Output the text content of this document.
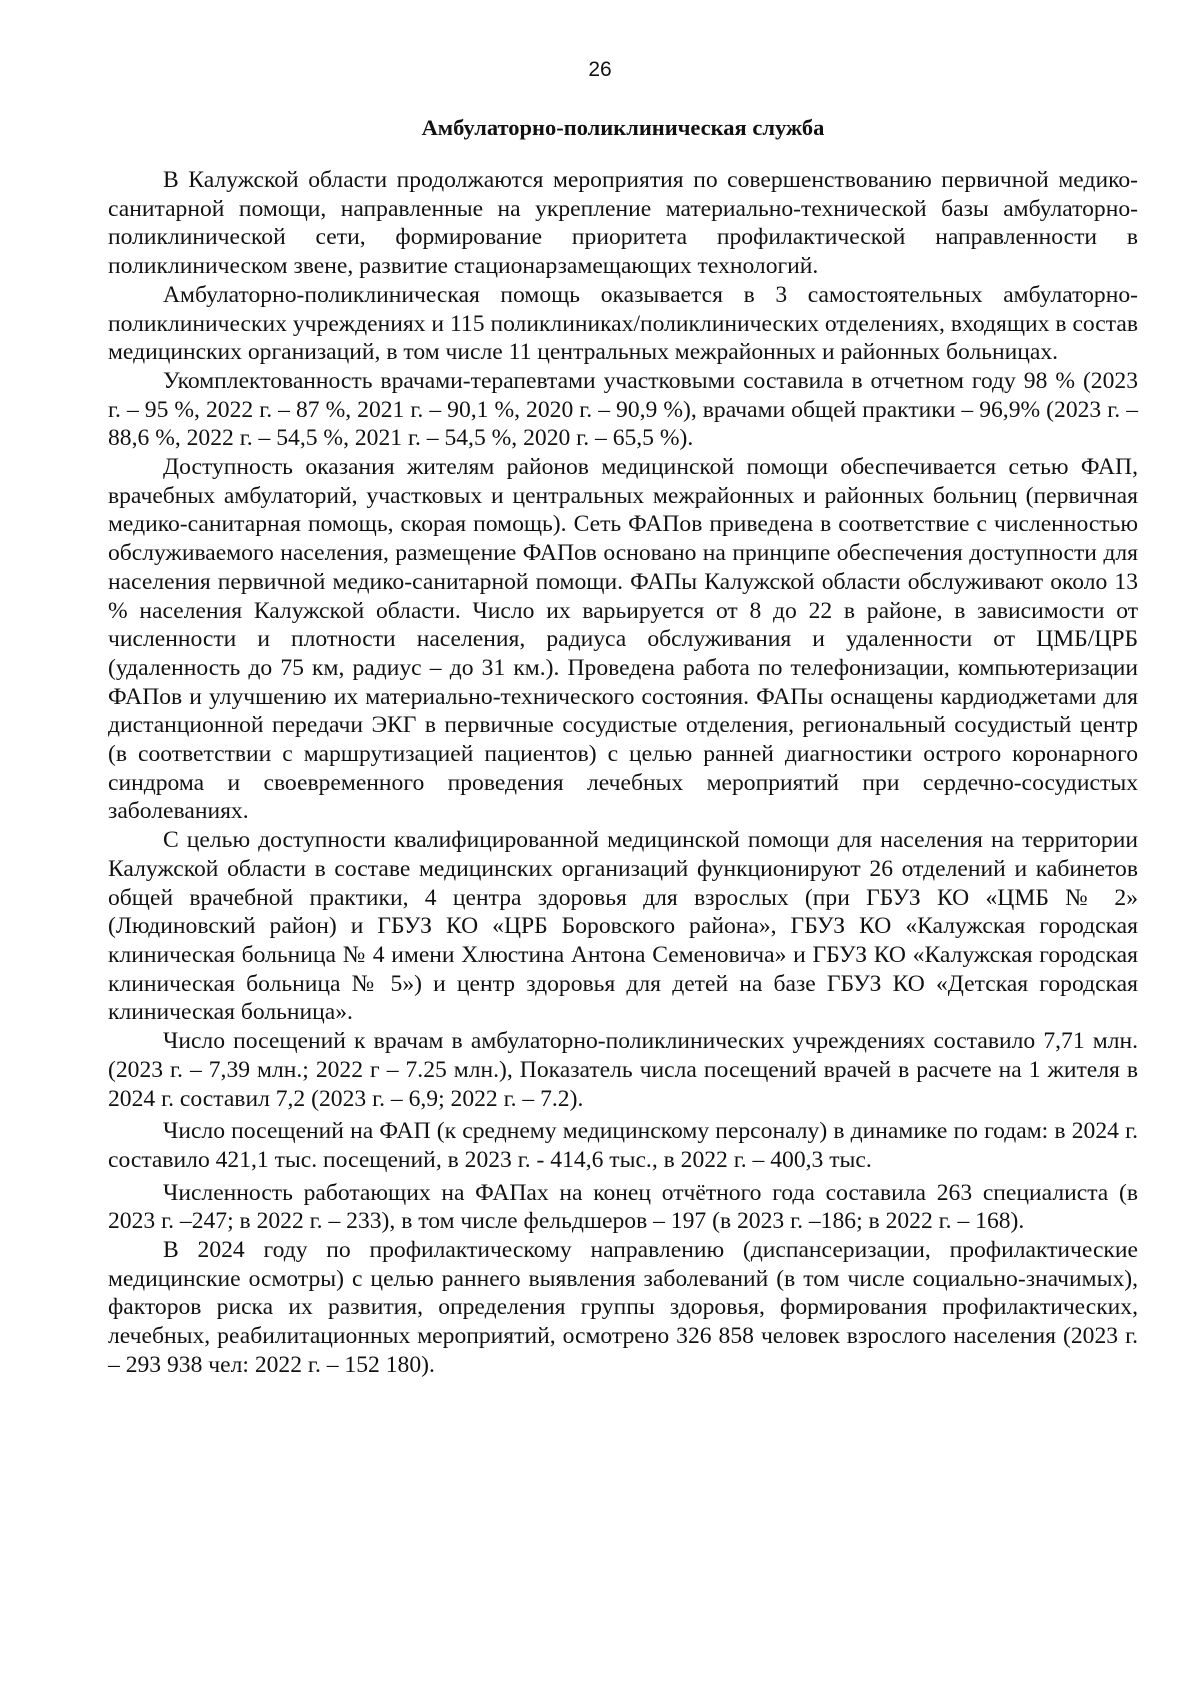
26
Амбулаторно-поликлиническая служба

В Калужской области продолжаются мероприятия по совершенствованию первичной медико-санитарной помощи, направленные на укрепление материально-технической базы амбулаторно-поликлинической сети, формирование приоритета профилактической направленности в поликлиническом звене, развитие стационарзамещающих технологий.

Амбулаторно-поликлиническая помощь оказывается в 3 самостоятельных амбулаторно-поликлинических учреждениях и 115 поликлиниках/поликлинических отделениях, входящих в состав медицинских организаций, в том числе 11 центральных межрайонных и районных больницах.

Укомплектованность врачами-терапевтами участковыми составила в отчетном году 98 % (2023 г. – 95 %, 2022 г. – 87 %, 2021 г. – 90,1 %, 2020 г. – 90,9 %), врачами общей практики – 96,9% (2023 г. – 88,6 %, 2022 г. – 54,5 %, 2021 г. – 54,5 %, 2020 г. – 65,5 %).

Доступность оказания жителям районов медицинской помощи обеспечивается сетью ФАП, врачебных амбулаторий, участковых и центральных межрайонных и районных больниц (первичная медико-санитарная помощь, скорая помощь). Сеть ФАПов приведена в соответствие с численностью обслуживаемого населения, размещение ФАПов основано на принципе обеспечения доступности для населения первичной медико-санитарной помощи. ФАПы Калужской области обслуживают около 13 % населения Калужской области. Число их варьируется от 8 до 22 в районе, в зависимости от численности и плотности населения, радиуса обслуживания и удаленности от ЦМБ/ЦРБ (удаленность до 75 км, радиус – до 31 км.). Проведена работа по телефонизации, компьютеризации ФАПов и улучшению их материально-технического состояния. ФАПы оснащены кардиоджетами для дистанционной передачи ЭКГ в первичные сосудистые отделения, региональный сосудистый центр (в соответствии с маршрутизацией пациентов) с целью ранней диагностики острого коронарного синдрома и своевременного проведения лечебных мероприятий при сердечно-сосудистых заболеваниях.

С целью доступности квалифицированной медицинской помощи для населения на территории Калужской области в составе медицинских организаций функционируют 26 отделений и кабинетов общей врачебной практики, 4 центра здоровья для взрослых (при ГБУЗ КО «ЦМБ № 2» (Людиновский район) и ГБУЗ КО «ЦРБ Боровского района», ГБУЗ КО «Калужская городская клиническая больница № 4 имени Хлюстина Антона Семеновича» и ГБУЗ КО «Калужская городская клиническая больница № 5») и центр здоровья для детей на базе ГБУЗ КО «Детская городская клиническая больница».

Число посещений к врачам в амбулаторно-поликлинических учреждениях составило 7,71 млн. (2023 г. – 7,39 млн.; 2022 г – 7.25 млн.), Показатель числа посещений врачей в расчете на 1 жителя в 2024 г. составил 7,2 (2023 г. – 6,9; 2022 г. – 7.2).

Число посещений на ФАП (к среднему медицинскому персоналу) в динамике по годам: в 2024 г. составило 421,1 тыс. посещений, в 2023 г. - 414,6 тыс., в 2022 г. – 400,3 тыс.

Численность работающих на ФАПах на конец отчётного года составила 263 специалиста (в 2023 г. –247; в 2022 г. – 233), в том числе фельдшеров – 197 (в 2023 г. –186; в 2022 г. – 168).

В 2024 году по профилактическому направлению (диспансеризации, профилактические медицинские осмотры) с целью раннего выявления заболеваний (в том числе социально-значимых), факторов риска их развития, определения группы здоровья, формирования профилактических, лечебных, реабилитационных мероприятий, осмотрено 326 858 человек взрослого населения (2023 г. – 293 938 чел: 2022 г. – 152 180).
